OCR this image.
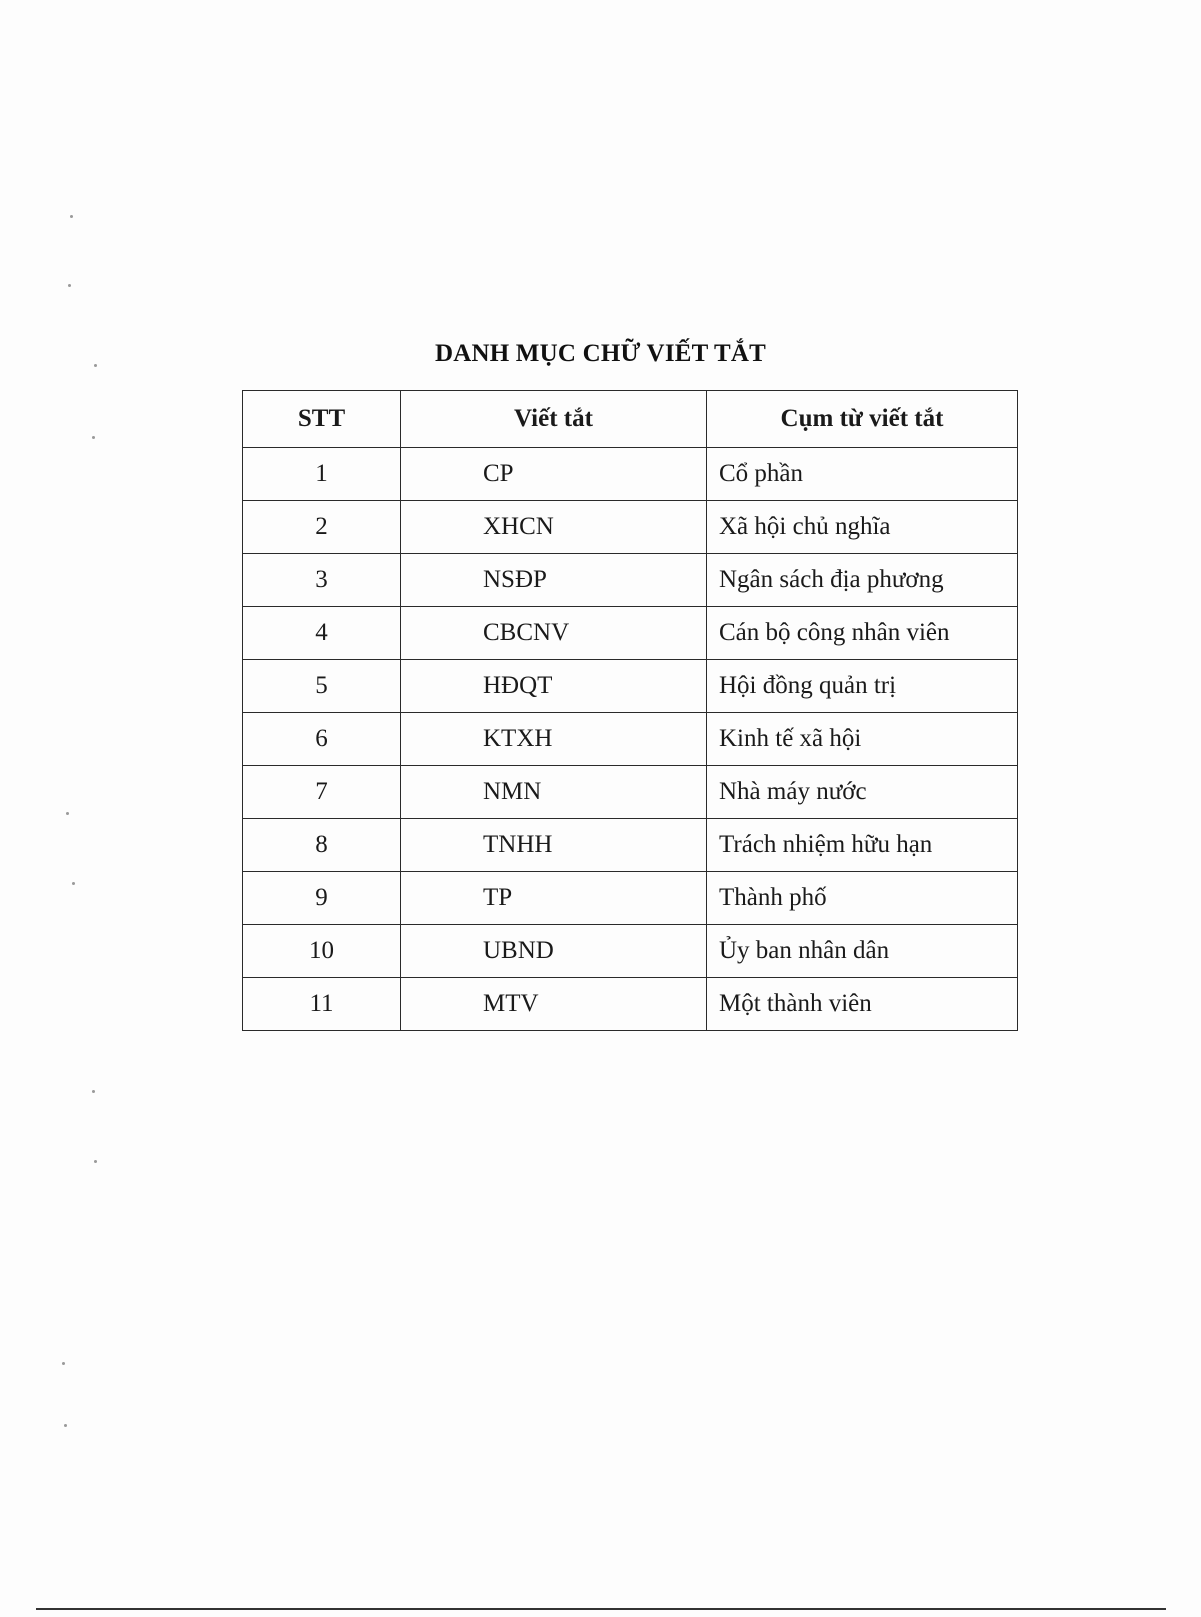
DANH MỤC CHỮ VIẾT TẮT
STT	Viết tắt	Cụm từ viết tắt
1	CP	Cổ phần
2	XHCN	Xã hội chủ nghĩa
3	NSĐP	Ngân sách địa phương
4	CBCNV	Cán bộ công nhân viên
5	HĐQT	Hội đồng quản trị
6	KTXH	Kinh tế xã hội
7	NMN	Nhà máy nước
8	TNHH	Trách nhiệm hữu hạn
9	TP	Thành phố
10	UBND	Ủy ban nhân dân
11	MTV	Một thành viên
